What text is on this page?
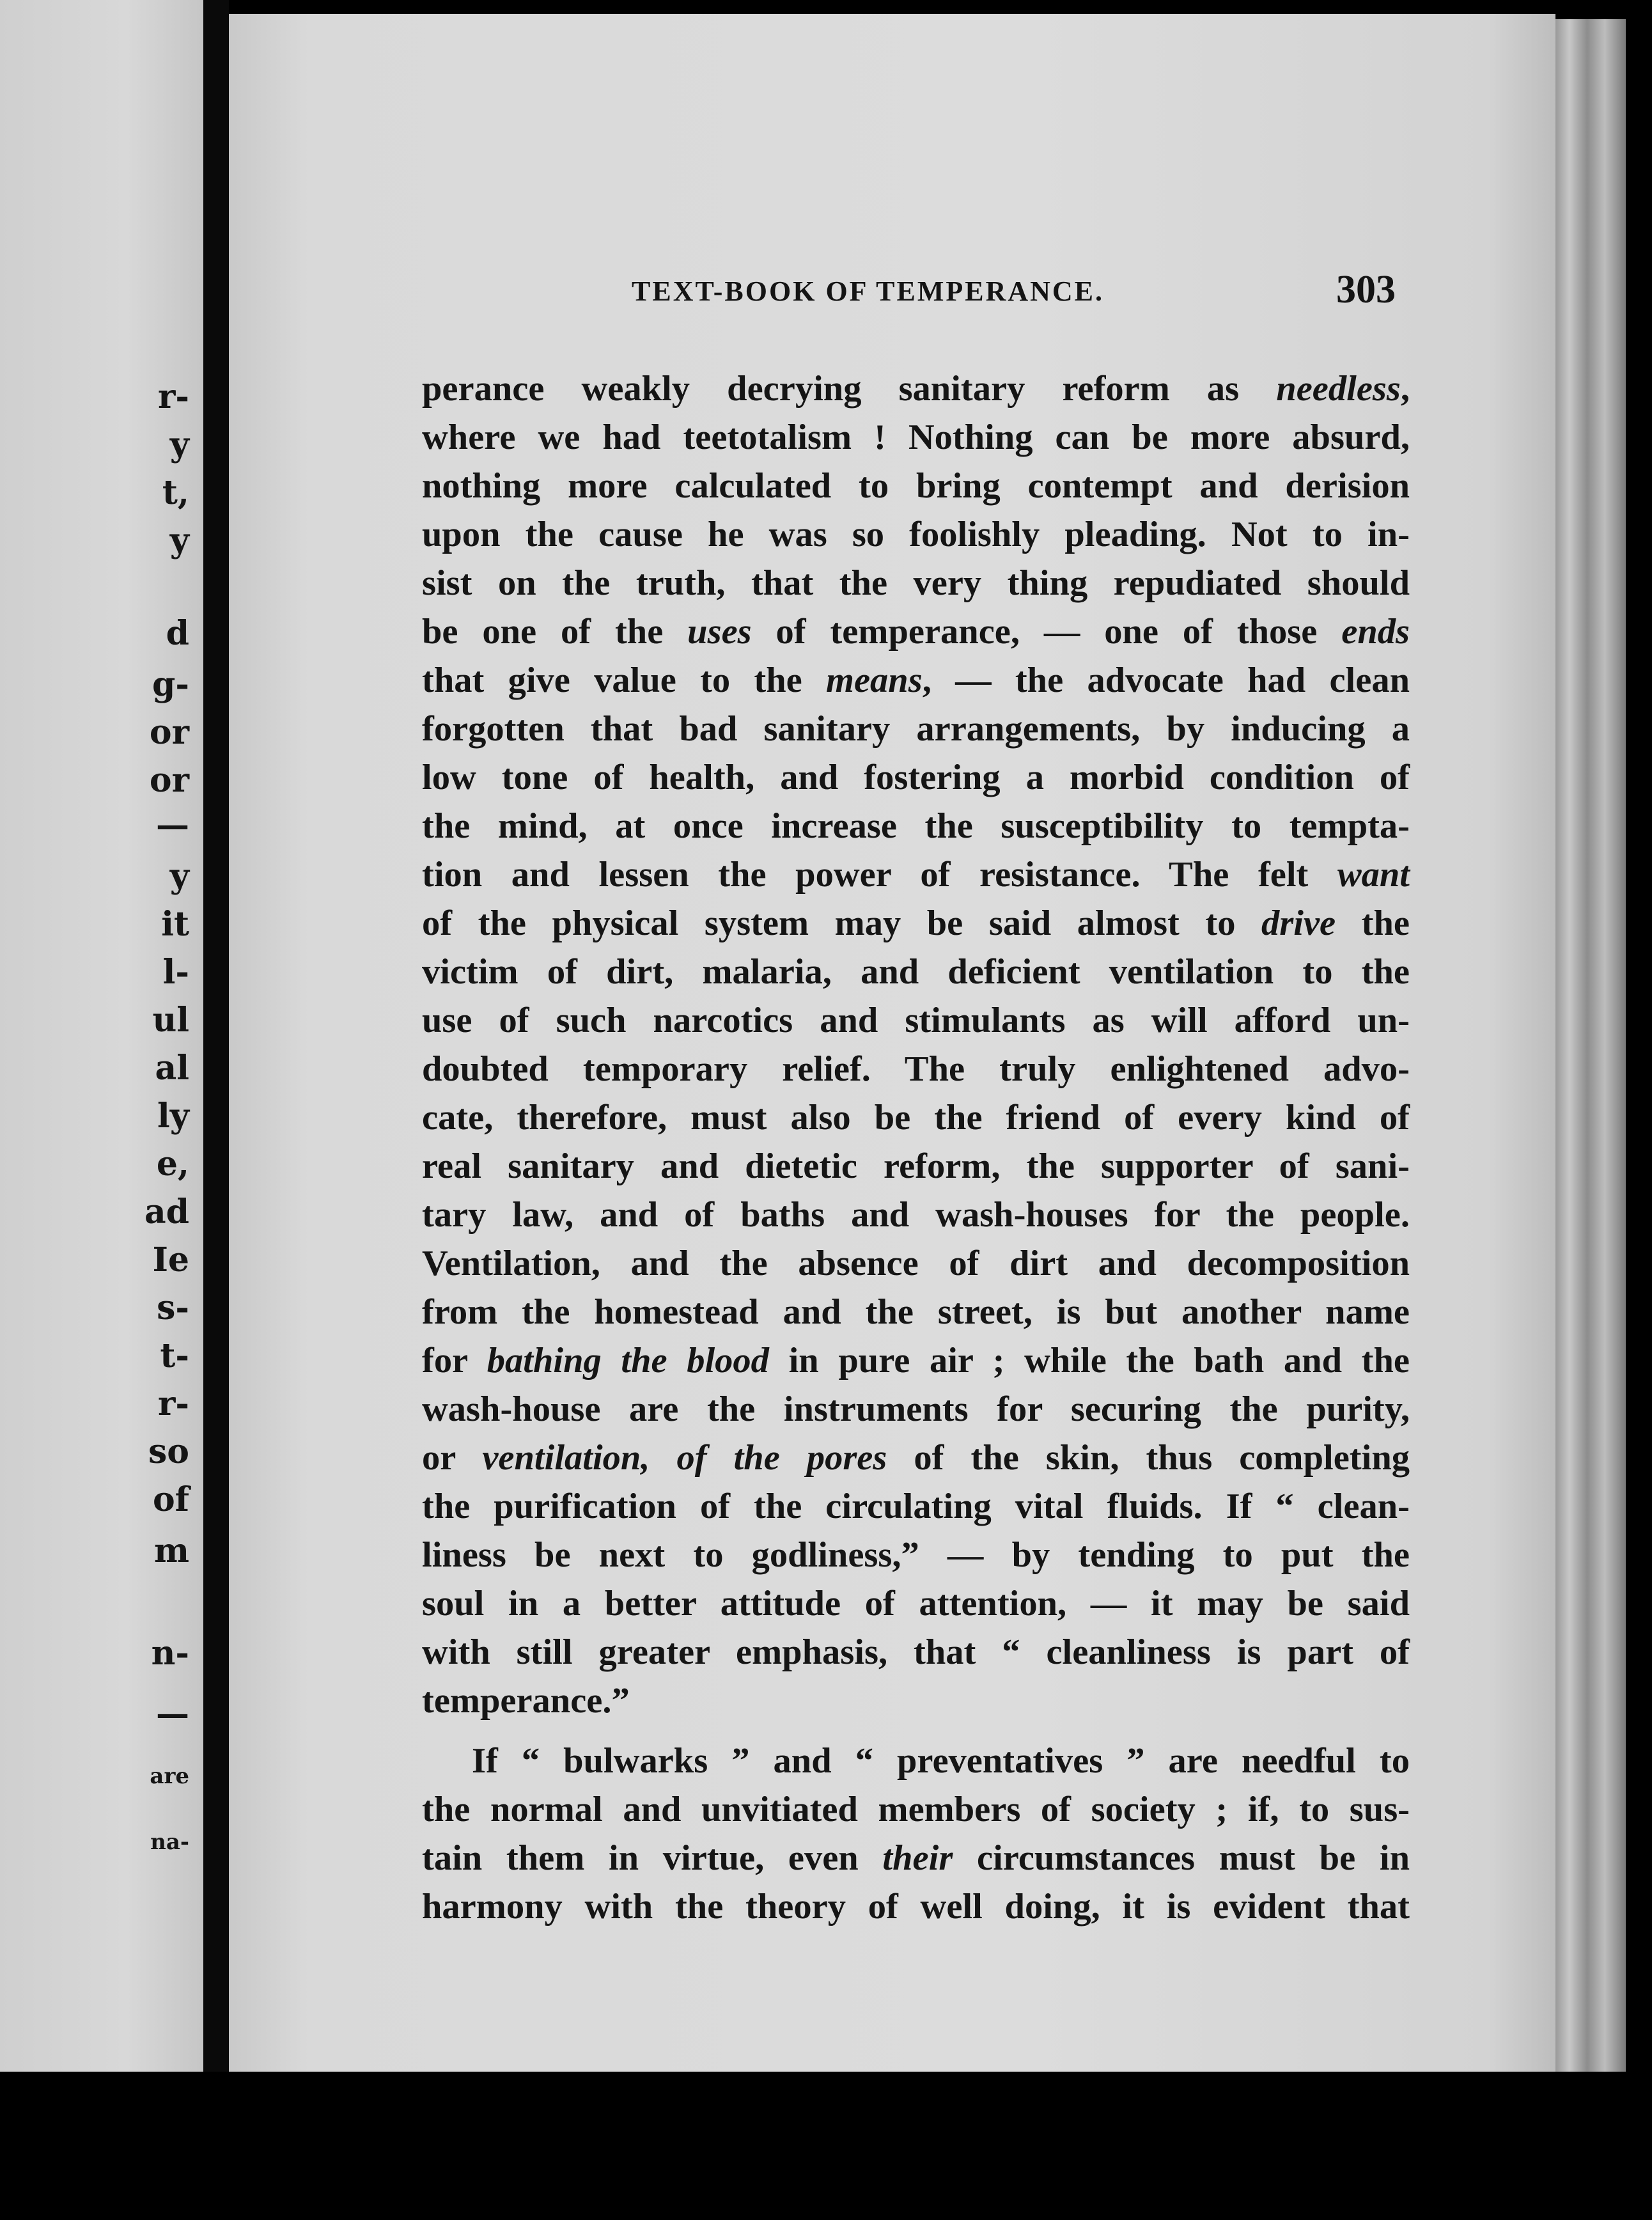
r-
y
t,
y
d
g-
or
or
—
y
it
l-
ul
al
ly
e,
ad
Ie
s-
t-
r-
so
of
m
n-
—
are
na-
TEXT-BOOK OF TEMPERANCE.	303
perance weakly decrying sanitary reform as needless,
where we had teetotalism ! Nothing can be more absurd,
nothing more calculated to bring contempt and derision
upon the cause he was so foolishly pleading. Not to in-
sist on the truth, that the very thing repudiated should
be one of the uses of temperance, — one of those ends
that give value to the means, — the advocate had clean
forgotten that bad sanitary arrangements, by inducing a
low tone of health, and fostering a morbid condition of
the mind, at once increase the susceptibility to tempta-
tion and lessen the power of resistance. The felt want
of the physical system may be said almost to drive the
victim of dirt, malaria, and deficient ventilation to the
use of such narcotics and stimulants as will afford un-
doubted temporary relief. The truly enlightened advo-
cate, therefore, must also be the friend of every kind of
real sanitary and dietetic reform, the supporter of sani-
tary law, and of baths and wash-houses for the people.
Ventilation, and the absence of dirt and decomposition
from the homestead and the street, is but another name
for bathing the blood in pure air ; while the bath and the
wash-house are the instruments for securing the purity,
or ventilation, of the pores of the skin, thus completing
the purification of the circulating vital fluids. If “ clean-
liness be next to godliness,” — by tending to put the
soul in a better attitude of attention, — it may be said
with still greater emphasis, that “ cleanliness is part of
temperance.”
If “ bulwarks ” and “ preventatives ” are needful to
the normal and unvitiated members of society ; if, to sus-
tain them in virtue, even their circumstances must be in
harmony with the theory of well doing, it is evident that
